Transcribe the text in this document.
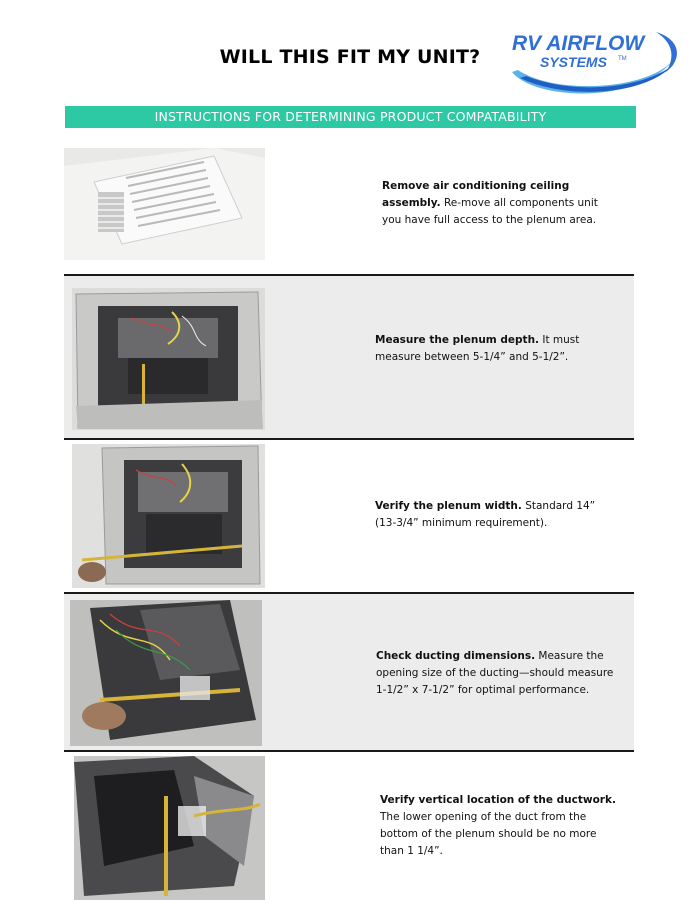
WILL THIS FIT MY UNIT?
RV AIRFLOW
SYSTEMS TM
INSTRUCTIONS FOR DETERMINING PRODUCT COMPATABILITY
Remove air conditioning ceiling assembly. Re-move all components unit you have full access to the plenum area.
Measure the plenum depth. It must measure between 5-1/4” and 5-1/2”.
Verify the plenum width. Standard 14” (13-3/4” minimum requirement).
Check ducting dimensions. Measure the opening size of the ducting—should measure 1-1/2” x 7-1/2” for optimal performance.
Verify vertical location of the ductwork. The lower opening of the duct from the bottom of the plenum should be no more than 1 1/4”.
